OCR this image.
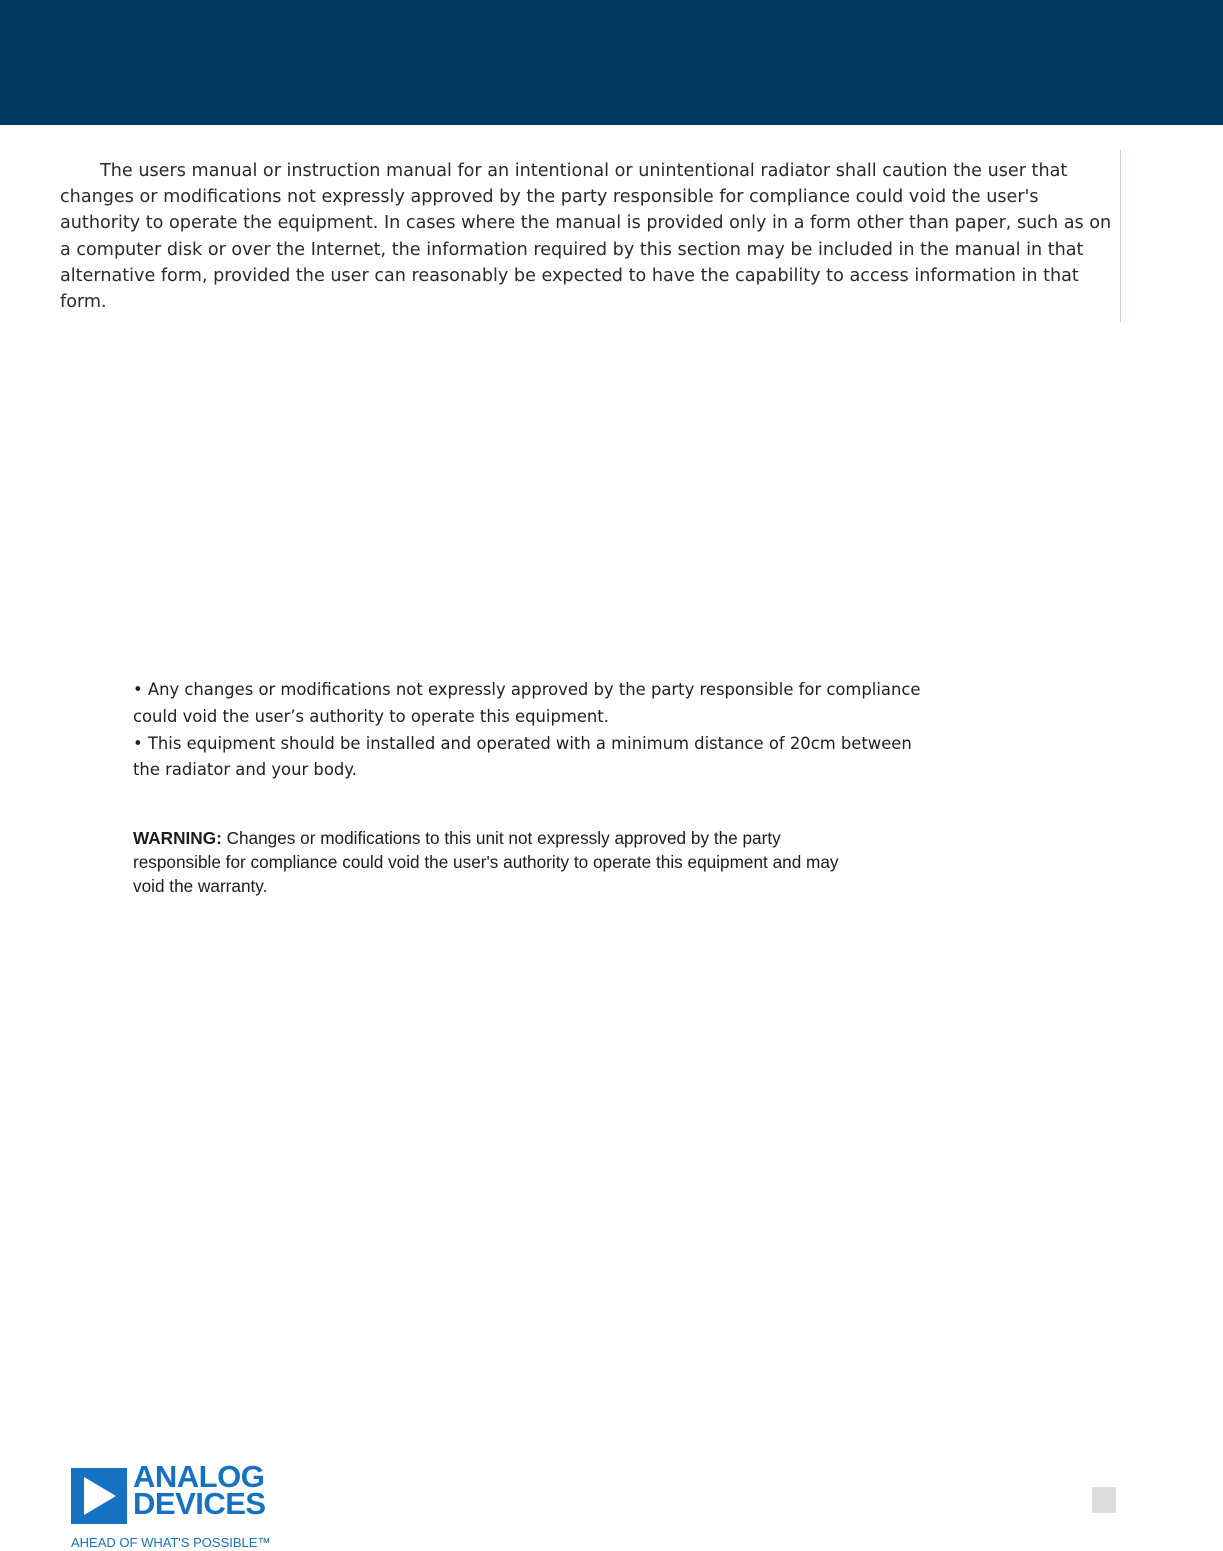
The users manual or instruction manual for an intentional or unintentional radiator shall caution the user that changes or modifications not expressly approved by the party responsible for compliance could void the user's authority to operate the equipment. In cases where the manual is provided only in a form other than paper, such as on a computer disk or over the Internet, the information required by this section may be included in the manual in that alternative form, provided the user can reasonably be expected to have the capability to access information in that form.

• Any changes or modifications not expressly approved by the party responsible for compliance could void the user’s authority to operate this equipment.
• This equipment should be installed and operated with a minimum distance of 20cm between the radiator and your body.

WARNING: Changes or modifications to this unit not expressly approved by the party responsible for compliance could void the user's authority to operate this equipment and may void the warranty.

ANALOG
DEVICES
AHEAD OF WHAT'S POSSIBLE™
